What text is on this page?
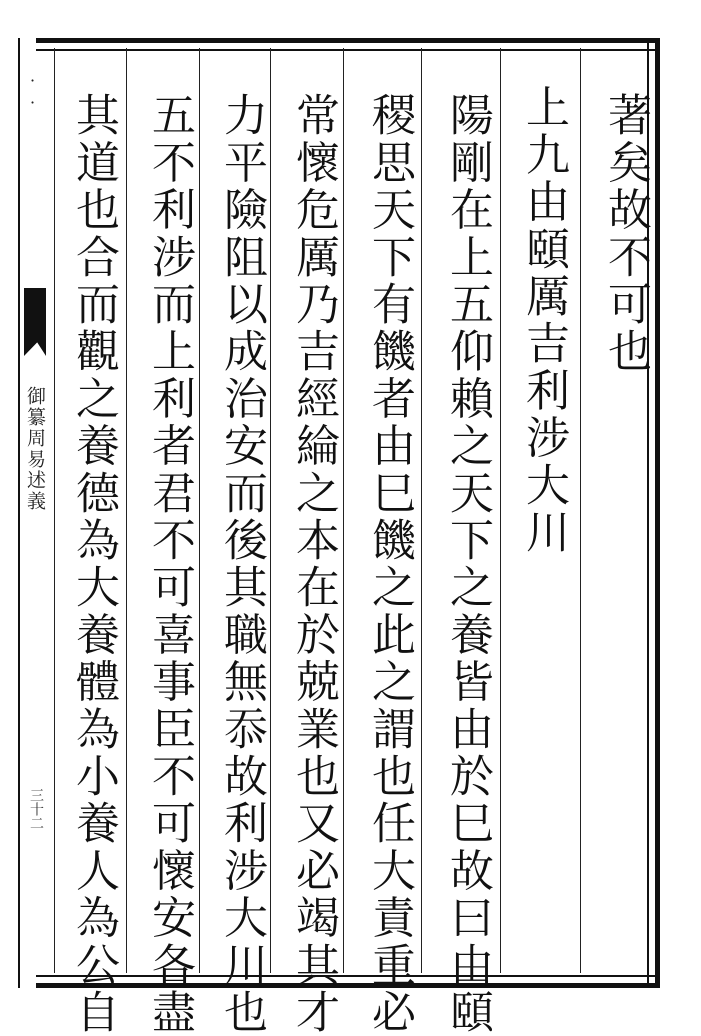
著矣故不可也
上九由頤厲吉利涉大川
陽剛在上五仰賴之天下之養皆由於巳故曰由頤
稷思天下有饑者由巳饑之此之謂也任大責重必
常懷危厲乃吉經綸之本在於兢業也又必竭其才
力平險阻以成治安而後其職無忝故利涉大川也
五不利涉而上利者君不可喜事臣不可懷安各盡
其道也合而觀之養德為大養體為小養人為公自
·
·
御纂周易述義
三十二
